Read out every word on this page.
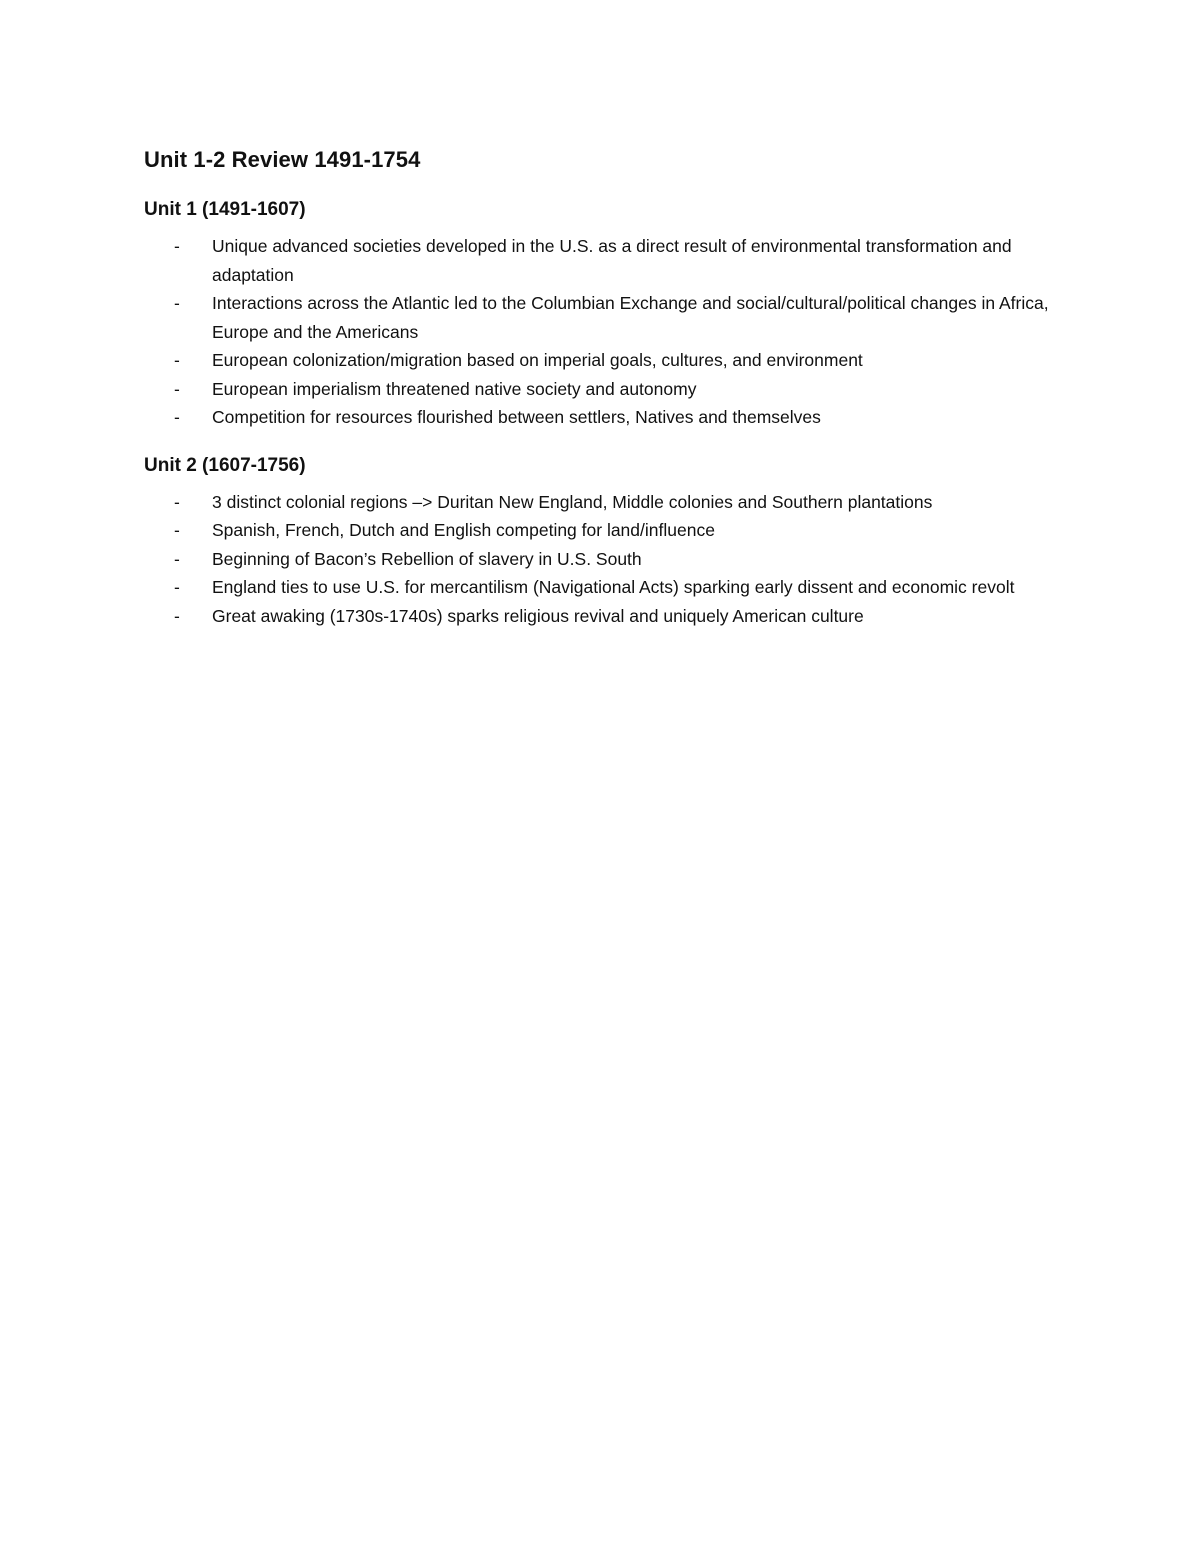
Unit 1-2 Review 1491-1754
Unit 1 (1491-1607)
- Unique advanced societies developed in the U.S. as a direct result of environmental transformation and adaptation
- Interactions across the Atlantic led to the Columbian Exchange and social/cultural/political changes in Africa, Europe and the Americans
- European colonization/migration based on imperial goals, cultures, and environment
- European imperialism threatened native society and autonomy
- Competition for resources flourished between settlers, Natives and themselves
Unit 2 (1607-1756)
- 3 distinct colonial regions –> Duritan New England, Middle colonies and Southern plantations
- Spanish, French, Dutch and English competing for land/influence
- Beginning of Bacon’s Rebellion of slavery in U.S. South
- England ties to use U.S. for mercantilism (Navigational Acts) sparking early dissent and economic revolt
- Great awaking (1730s-1740s) sparks religious revival and uniquely American culture
